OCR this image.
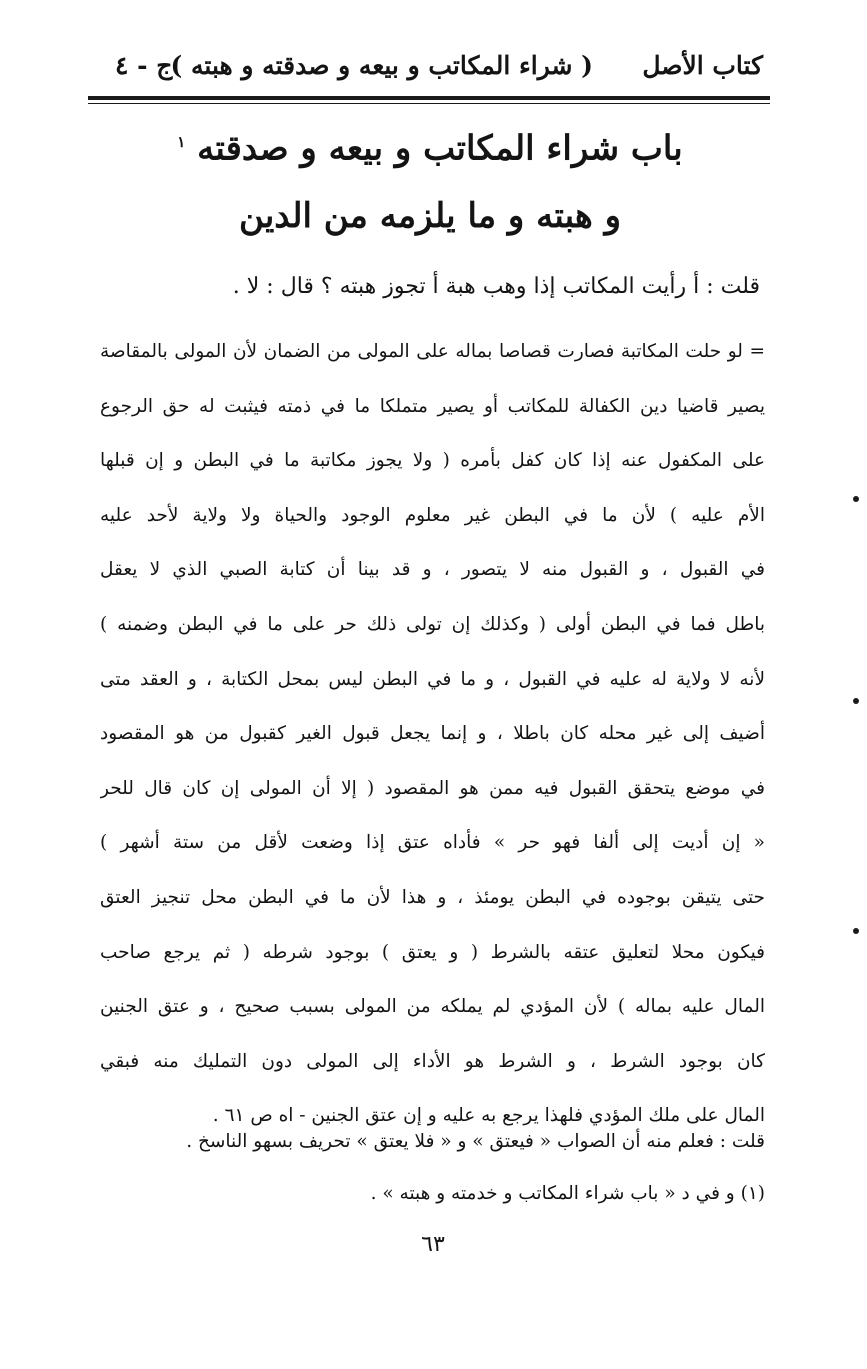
كتاب الأصل
( شراء المكاتب و بيعه و صدقته و هبته )
ج - ٤
باب شراء المكاتب و بيعه و صدقته $^١$
و هبته و ما يلزمه من الدين
قلت : أ رأيت المكاتب إذا وهب هبة أ تجوز هبته ؟ قال : لا .
= لو حلت المكاتبة فصارت قصاصا بماله على المولى من الضمان لأن المولى بالمقاصة
يصير قاضيا دين الكفالة للمكاتب أو يصير متملكا ما في ذمته فيثبت له حق الرجوع
على المكفول عنه إذا كان كفل بأمره ( ولا يجوز مكاتبة ما في البطن و إن قبلها
الأم عليه ) لأن ما في البطن غير معلوم الوجود والحياة ولا ولاية لأحد عليه
في القبول ، و القبول منه لا يتصور ، و قد بينا أن كتابة الصبي الذي لا يعقل
باطل فما في البطن أولى ( وكذلك إن تولى ذلك حر على ما في البطن وضمنه )
لأنه لا ولاية له عليه في القبول ، و ما في البطن ليس بمحل الكتابة ، و العقد متى
أضيف إلى غير محله كان باطلا ، و إنما يجعل قبول الغير كقبول من هو المقصود
في موضع يتحقق القبول فيه ممن هو المقصود ( إلا أن المولى إن كان قال للحر
« إن أديت إلى ألفا فهو حر » فأداه عتق إذا وضعت لأقل من ستة أشهر )
حتى يتيقن بوجوده في البطن يومئذ ، و هذا لأن ما في البطن محل تنجيز العتق
فيكون محلا لتعليق عتقه بالشرط ( و يعتق ) بوجود شرطه ( ثم يرجع صاحب
المال عليه بماله ) لأن المؤدي لم يملكه من المولى بسبب صحيح ، و عتق الجنين
كان بوجود الشرط ، و الشرط هو الأداء إلى المولى دون التمليك منه فبقي
المال على ملك المؤدي فلهذا يرجع به عليه و إن عتق الجنين - اه ص ٦١ .
قلت : فعلم منه أن الصواب « فيعتق » و « فلا يعتق » تحريف بسهو الناسخ .
(١) و في د « باب شراء المكاتب و خدمته و هبته » .
٦٣
